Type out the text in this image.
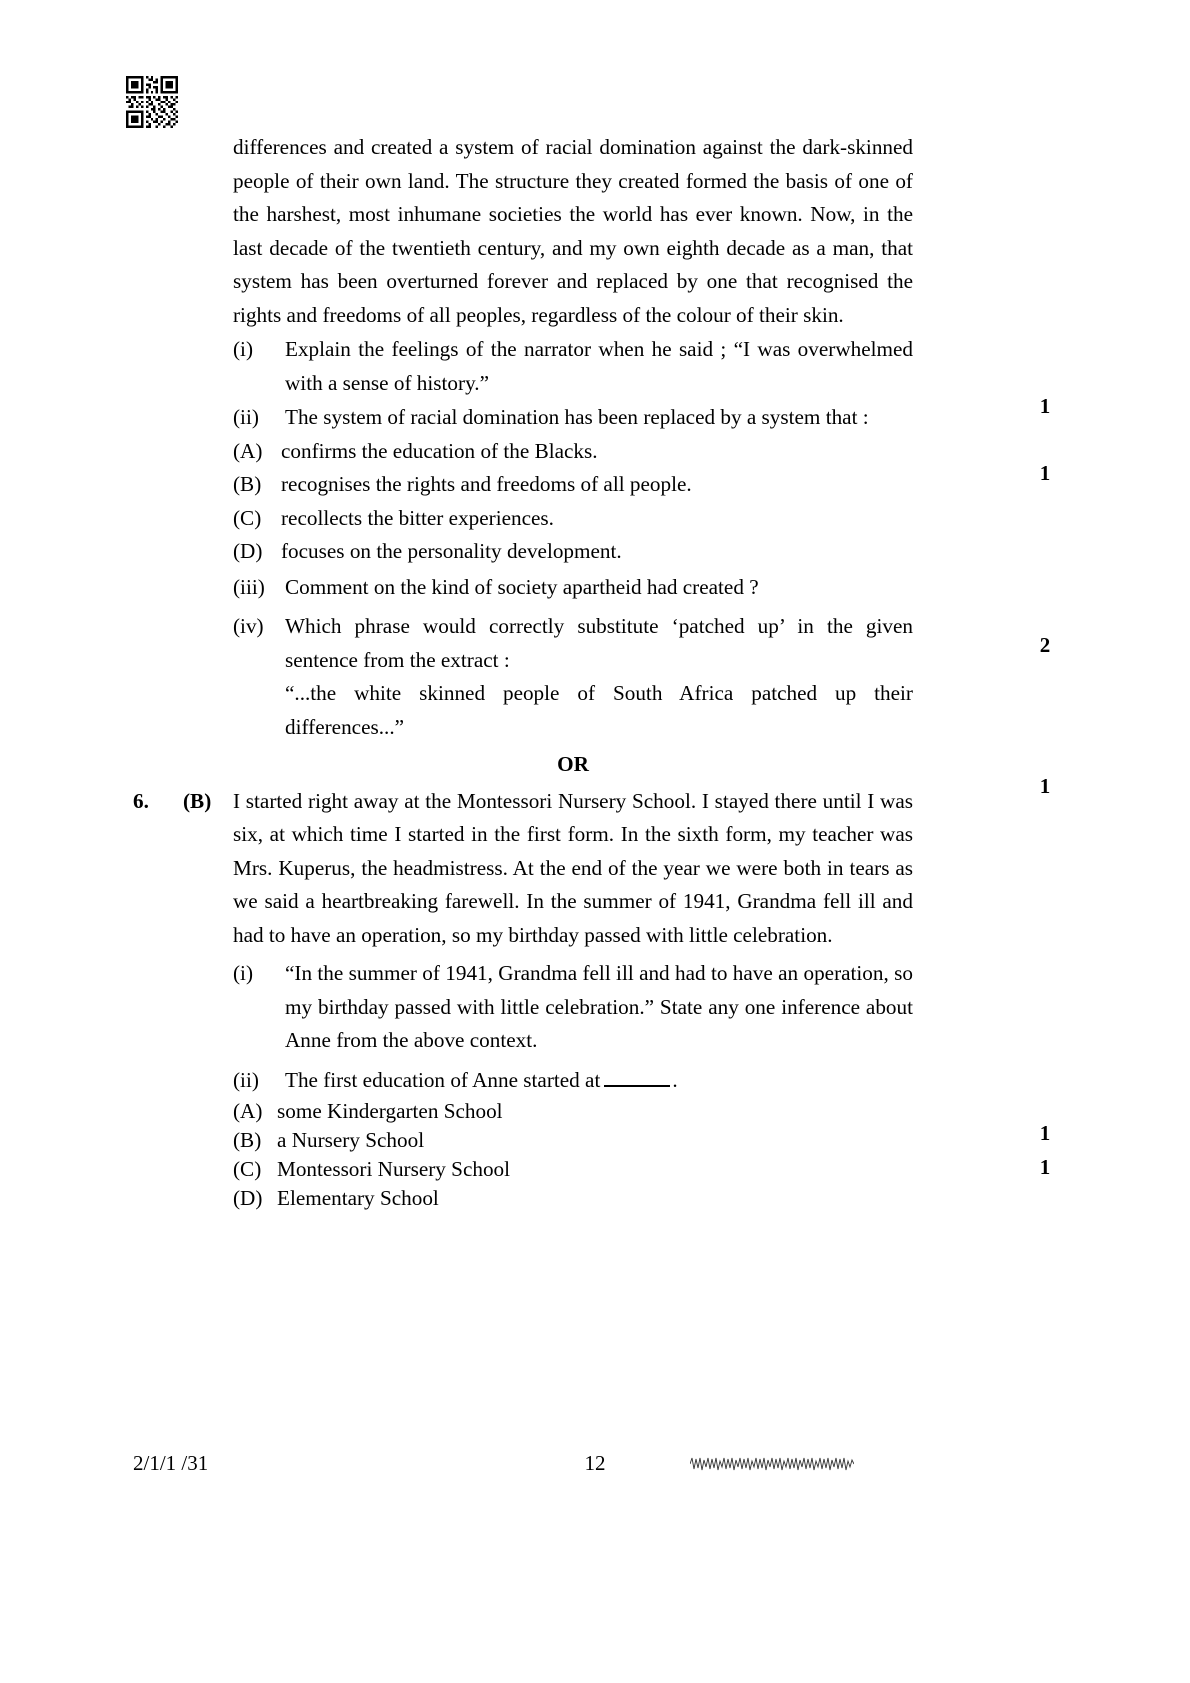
differences and created a system of racial domination against the dark-skinned people of their own land. The structure they created formed the basis of one of the harshest, most inhumane societies the world has ever known. Now, in the last decade of the twentieth century, and my own eighth decade as a man, that system has been overturned forever and replaced by one that recognised the rights and freedoms of all peoples, regardless of the colour of their skin.

(i)	Explain the feelings of the narrator when he said ; “I was overwhelmed with a sense of history.”
(ii)	The system of racial domination has been replaced by a system that :
(A) confirms the education of the Blacks.
(B) recognises the rights and freedoms of all people.
(C) recollects the bitter experiences.
(D) focuses on the personality development.
(iii) Comment on the kind of society apartheid had created ?
(iv)	Which phrase would correctly substitute ‘patched up’ in the given sentence from the extract :
“...the white skinned people of South Africa patched up their differences...”
OR
6. (B) I started right away at the Montessori Nursery School. I stayed there until I was six, at which time I started in the first form. In the sixth form, my teacher was Mrs. Kuperus, the headmistress. At the end of the year we were both in tears as we said a heartbreaking farewell. In the summer of 1941, Grandma fell ill and had to have an operation, so my birthday passed with little celebration.

(i)	“In the summer of 1941, Grandma fell ill and had to have an operation, so my birthday passed with little celebration.” State any one inference about Anne from the above context.
(ii)	The first education of Anne started at	.
(A) some Kindergarten School
(B) a Nursery School
(C) Montessori Nursery School
(D) Elementary School
1
1
2
1
1
1
2/1/1 /31	12
